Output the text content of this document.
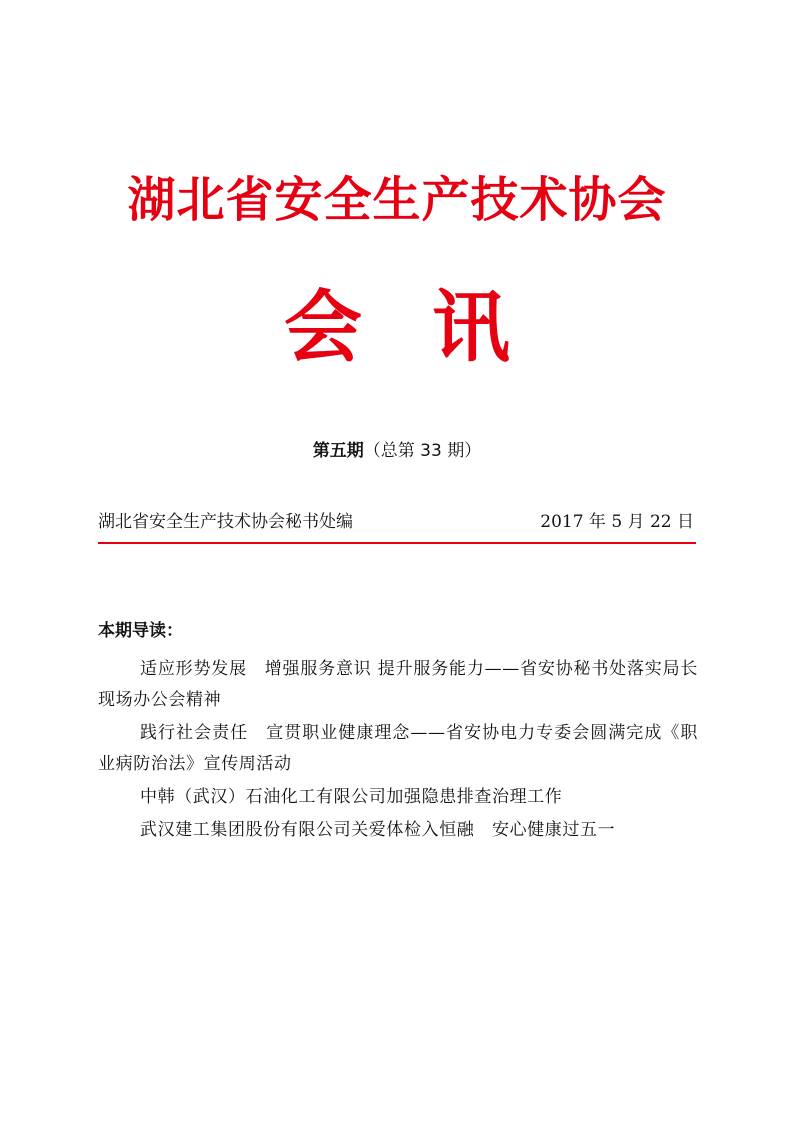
湖北省安全生产技术协会
会讯
第五期（总第 33 期）
湖北省安全生产技术协会秘书处编	2017 年 5 月 22 日
本期导读：
适应形势发展　增强服务意识 提升服务能力——省安协秘书处落实局长现场办公会精神
践行社会责任　宣贯职业健康理念——省安协电力专委会圆满完成《职业病防治法》宣传周活动
中韩（武汉）石油化工有限公司加强隐患排查治理工作
武汉建工集团股份有限公司关爱体检入恒融　安心健康过五一
